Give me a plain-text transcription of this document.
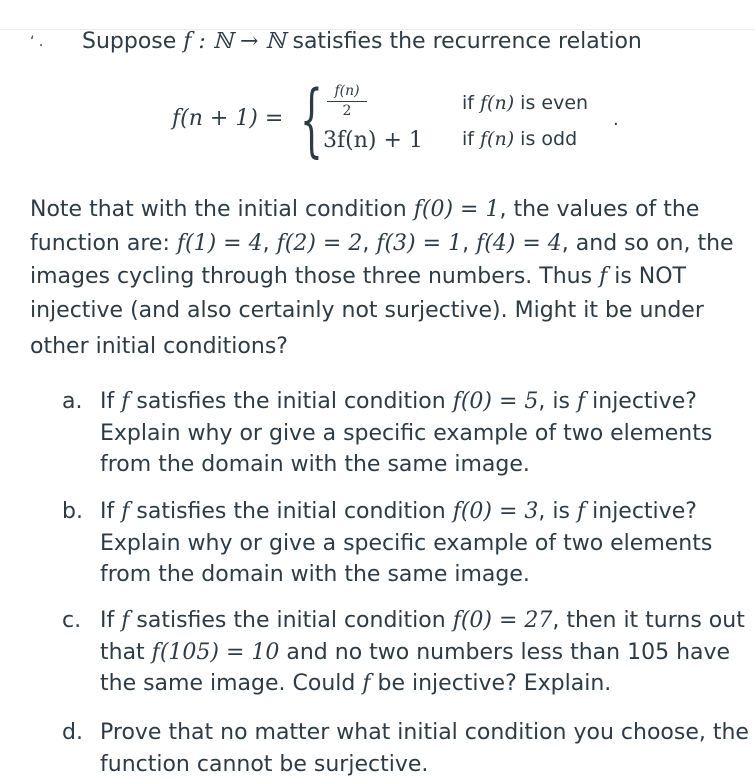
‘ . Suppose f : ℕ → ℕ satisfies the recurrence relation
f(n + 1) = { f(n)
2
3f(n) + 1
if f(n) is even
if f(n) is odd
.

Note that with the initial condition f(0) = 1, the values of the

function are: f(1) = 4, f(2) = 2, f(3) = 1, f(4) = 4, and so on, the

images cycling through those three numbers. Thus f is NOT

injective (and also certainly not surjective). Might it be under

other initial conditions?

a. If f satisfies the initial condition f(0) = 5, is f injective?
Explain why or give a specific example of two elements
from the domain with the same image.
b. If f satisfies the initial condition f(0) = 3, is f injective?
Explain why or give a specific example of two elements
from the domain with the same image.
c. If f satisfies the initial condition f(0) = 27, then it turns out
that f(105) = 10 and no two numbers less than 105 have
the same image. Could f be injective? Explain.
d. Prove that no matter what initial condition you choose, the
function cannot be surjective.
